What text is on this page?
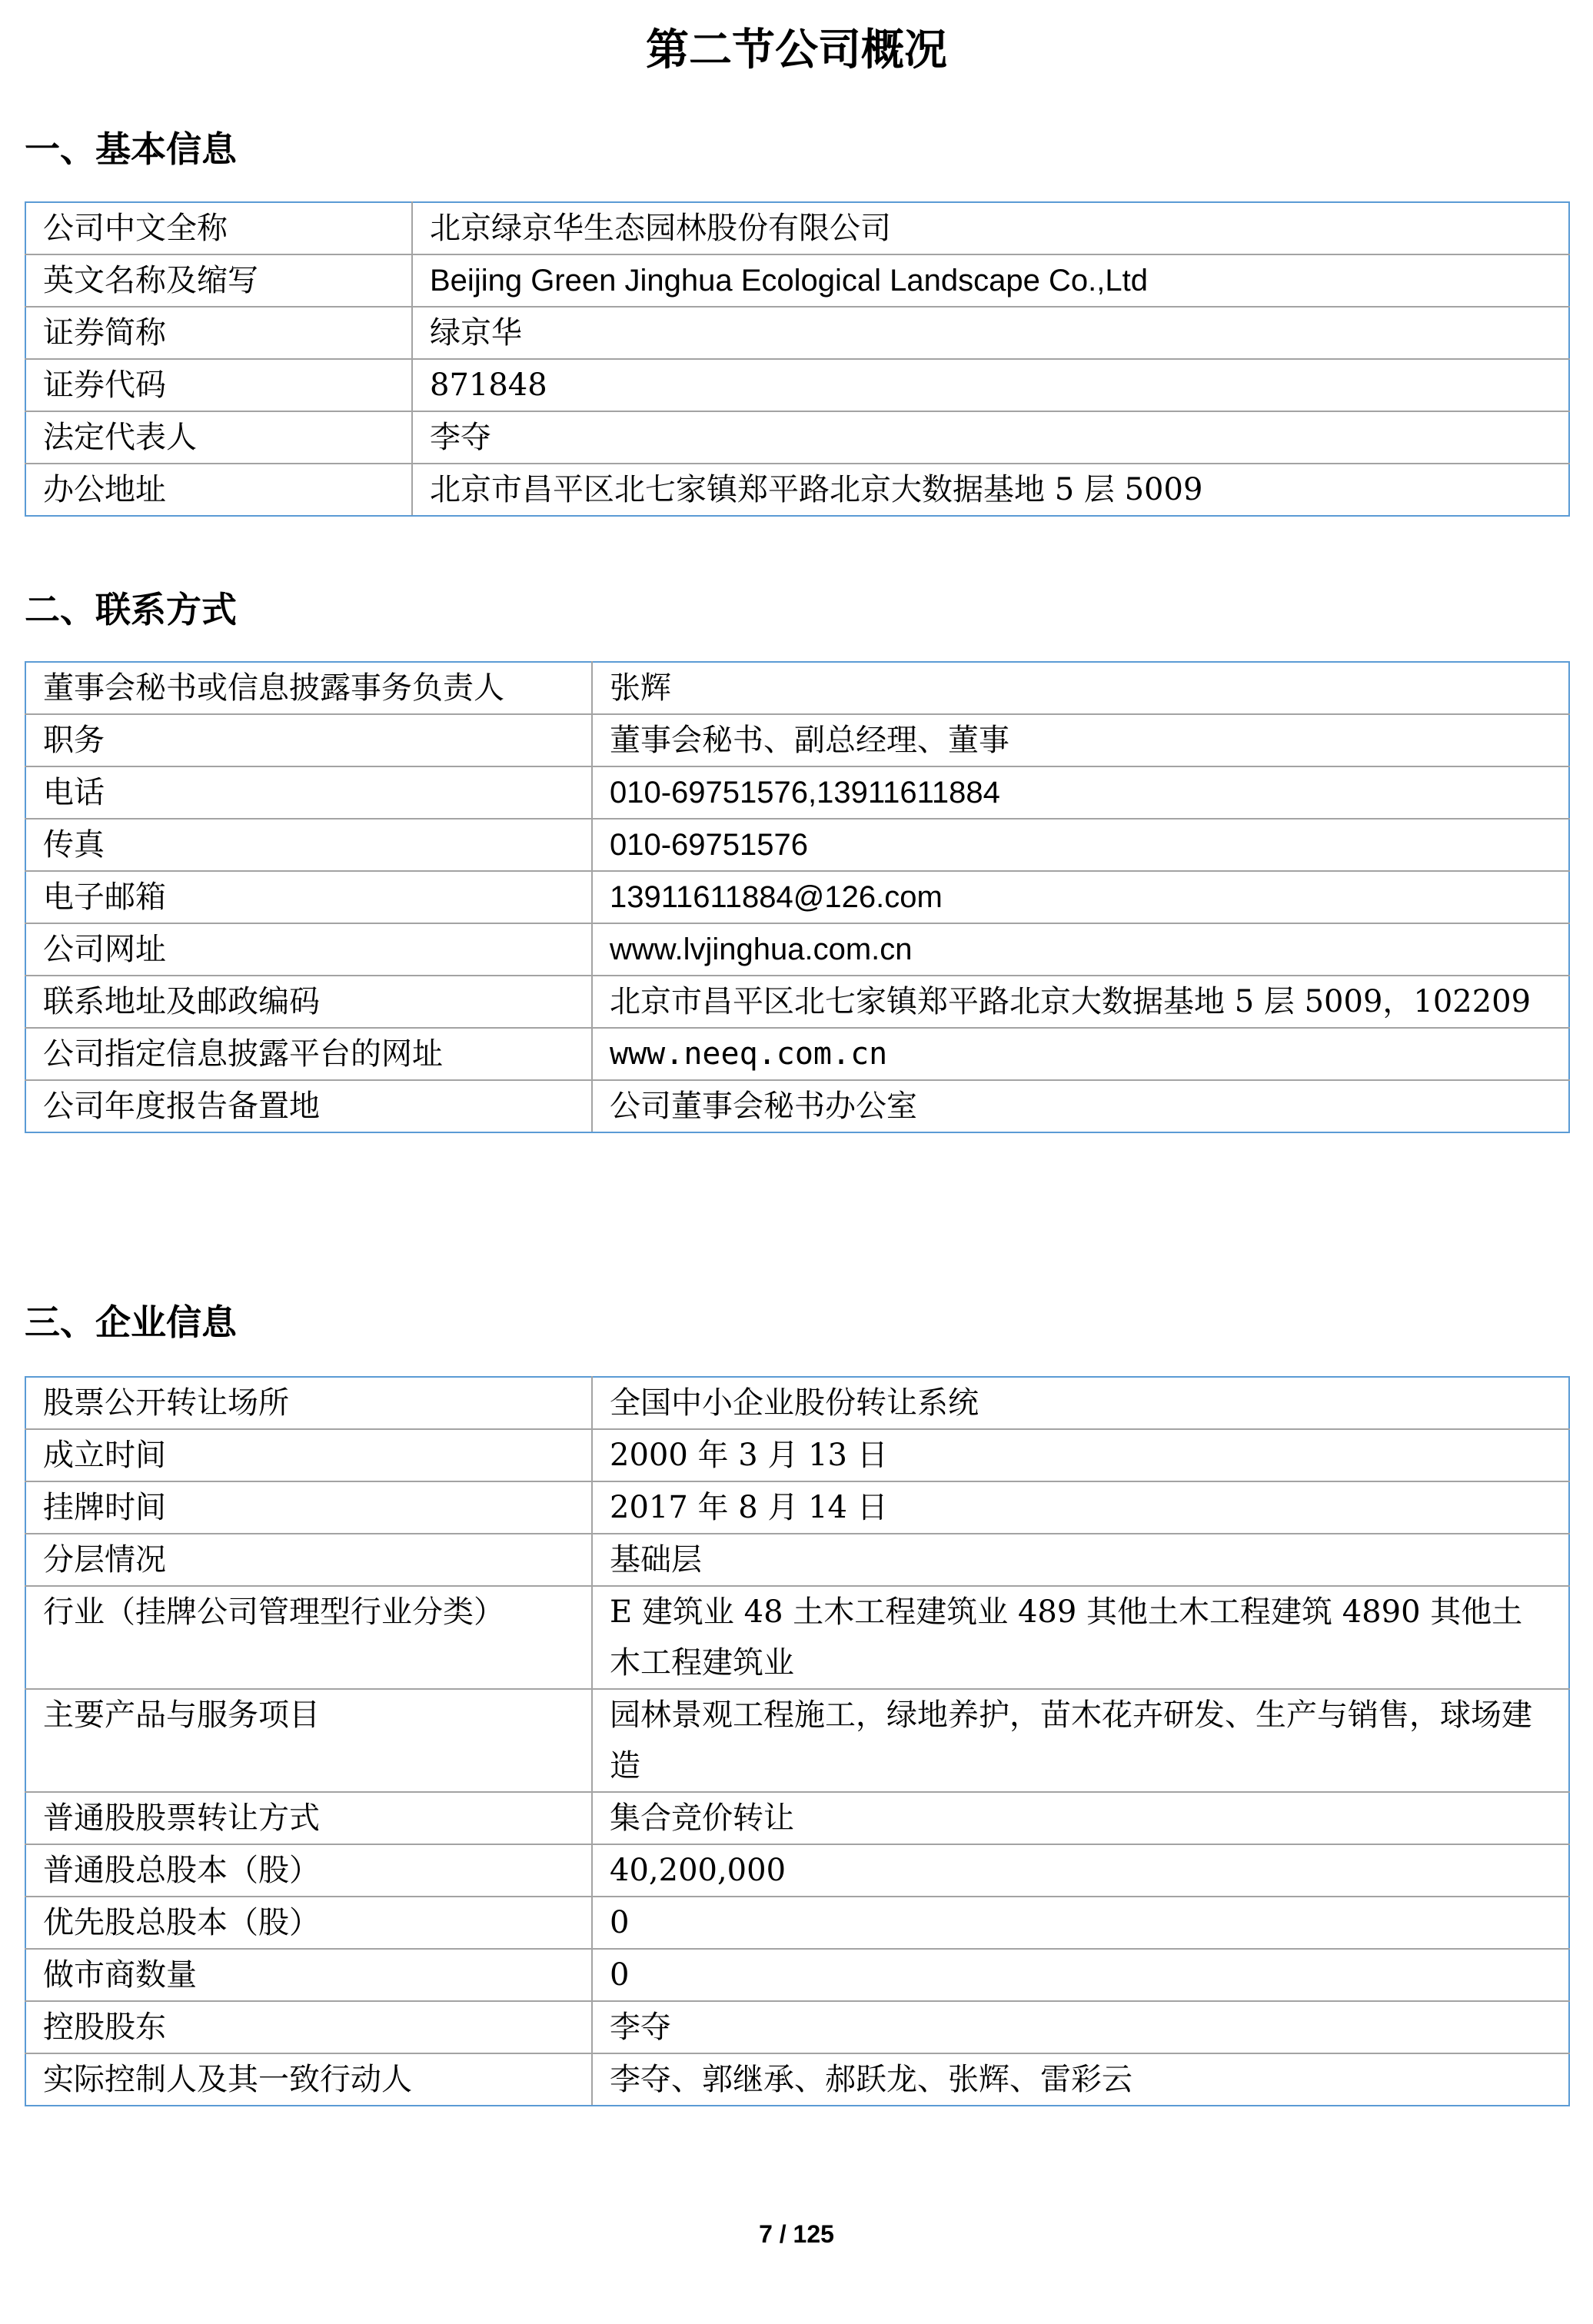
第二节公司概况
一、基本信息
公司中文全称	北京绿京华生态园林股份有限公司
英文名称及缩写	Beijing Green Jinghua Ecological Landscape Co.,Ltd
证券简称	绿京华
证券代码	871848
法定代表人	李夺
办公地址	北京市昌平区北七家镇郑平路北京大数据基地 5 层 5009
二、联系方式
董事会秘书或信息披露事务负责人	张辉
职务	董事会秘书、副总经理、董事
电话	010-69751576,13911611884
传真	010-69751576
电子邮箱	13911611884@126.com
公司网址	www.lvjinghua.com.cn
联系地址及邮政编码	北京市昌平区北七家镇郑平路北京大数据基地 5 层 5009，102209
公司指定信息披露平台的网址	www.neeq.com.cn
公司年度报告备置地	公司董事会秘书办公室
三、企业信息
股票公开转让场所	全国中小企业股份转让系统
成立时间	2000 年 3 月 13 日
挂牌时间	2017 年 8 月 14 日
分层情况	基础层
行业（挂牌公司管理型行业分类）	E 建筑业 48 土木工程建筑业 489 其他土木工程建筑 4890 其他土木工程建筑业
主要产品与服务项目	园林景观工程施工，绿地养护，苗木花卉研发、生产与销售，球场建造
普通股股票转让方式	集合竞价转让
普通股总股本（股）	40,200,000
优先股总股本（股）	0
做市商数量	0
控股股东	李夺
实际控制人及其一致行动人	李夺、郭继承、郝跃龙、张辉、雷彩云
7 / 125
